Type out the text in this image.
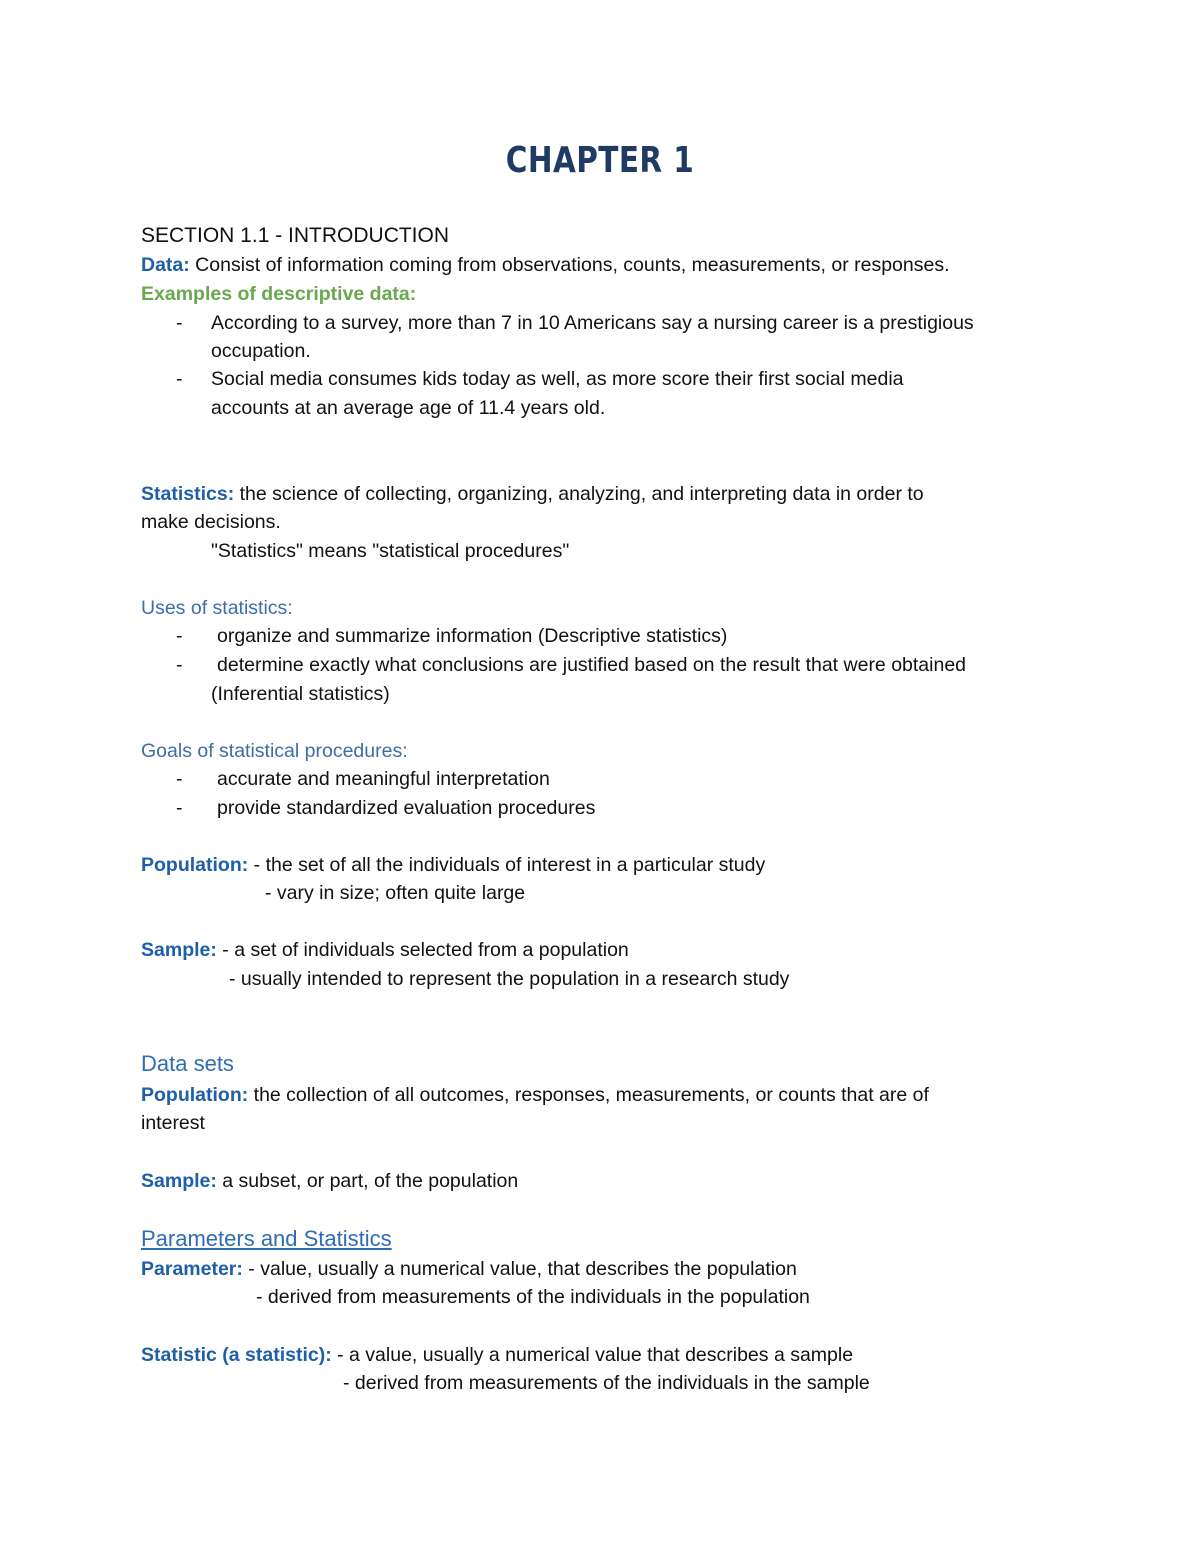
CHAPTER 1
SECTION 1.1 - INTRODUCTION
Data: Consist of information coming from observations, counts, measurements, or responses.
Examples of descriptive data:
- According to a survey, more than 7 in 10 Americans say a nursing career is a prestigious
occupation.
- Social media consumes kids today as well, as more score their first social media
accounts at an average age of 11.4 years old.
Statistics: the science of collecting, organizing, analyzing, and interpreting data in order to
make decisions.
"Statistics" means "statistical procedures"
Uses of statistics:
- organize and summarize information (Descriptive statistics)
- determine exactly what conclusions are justified based on the result that were obtained
(Inferential statistics)
Goals of statistical procedures:
- accurate and meaningful interpretation
- provide standardized evaluation procedures
Population: - the set of all the individuals of interest in a particular study
- vary in size; often quite large
Sample: - a set of individuals selected from a population
- usually intended to represent the population in a research study
Data sets
Population: the collection of all outcomes, responses, measurements, or counts that are of
interest
Sample: a subset, or part, of the population
Parameters and Statistics
Parameter: - value, usually a numerical value, that describes the population
- derived from measurements of the individuals in the population
Statistic (a statistic): - a value, usually a numerical value that describes a sample
- derived from measurements of the individuals in the sample
